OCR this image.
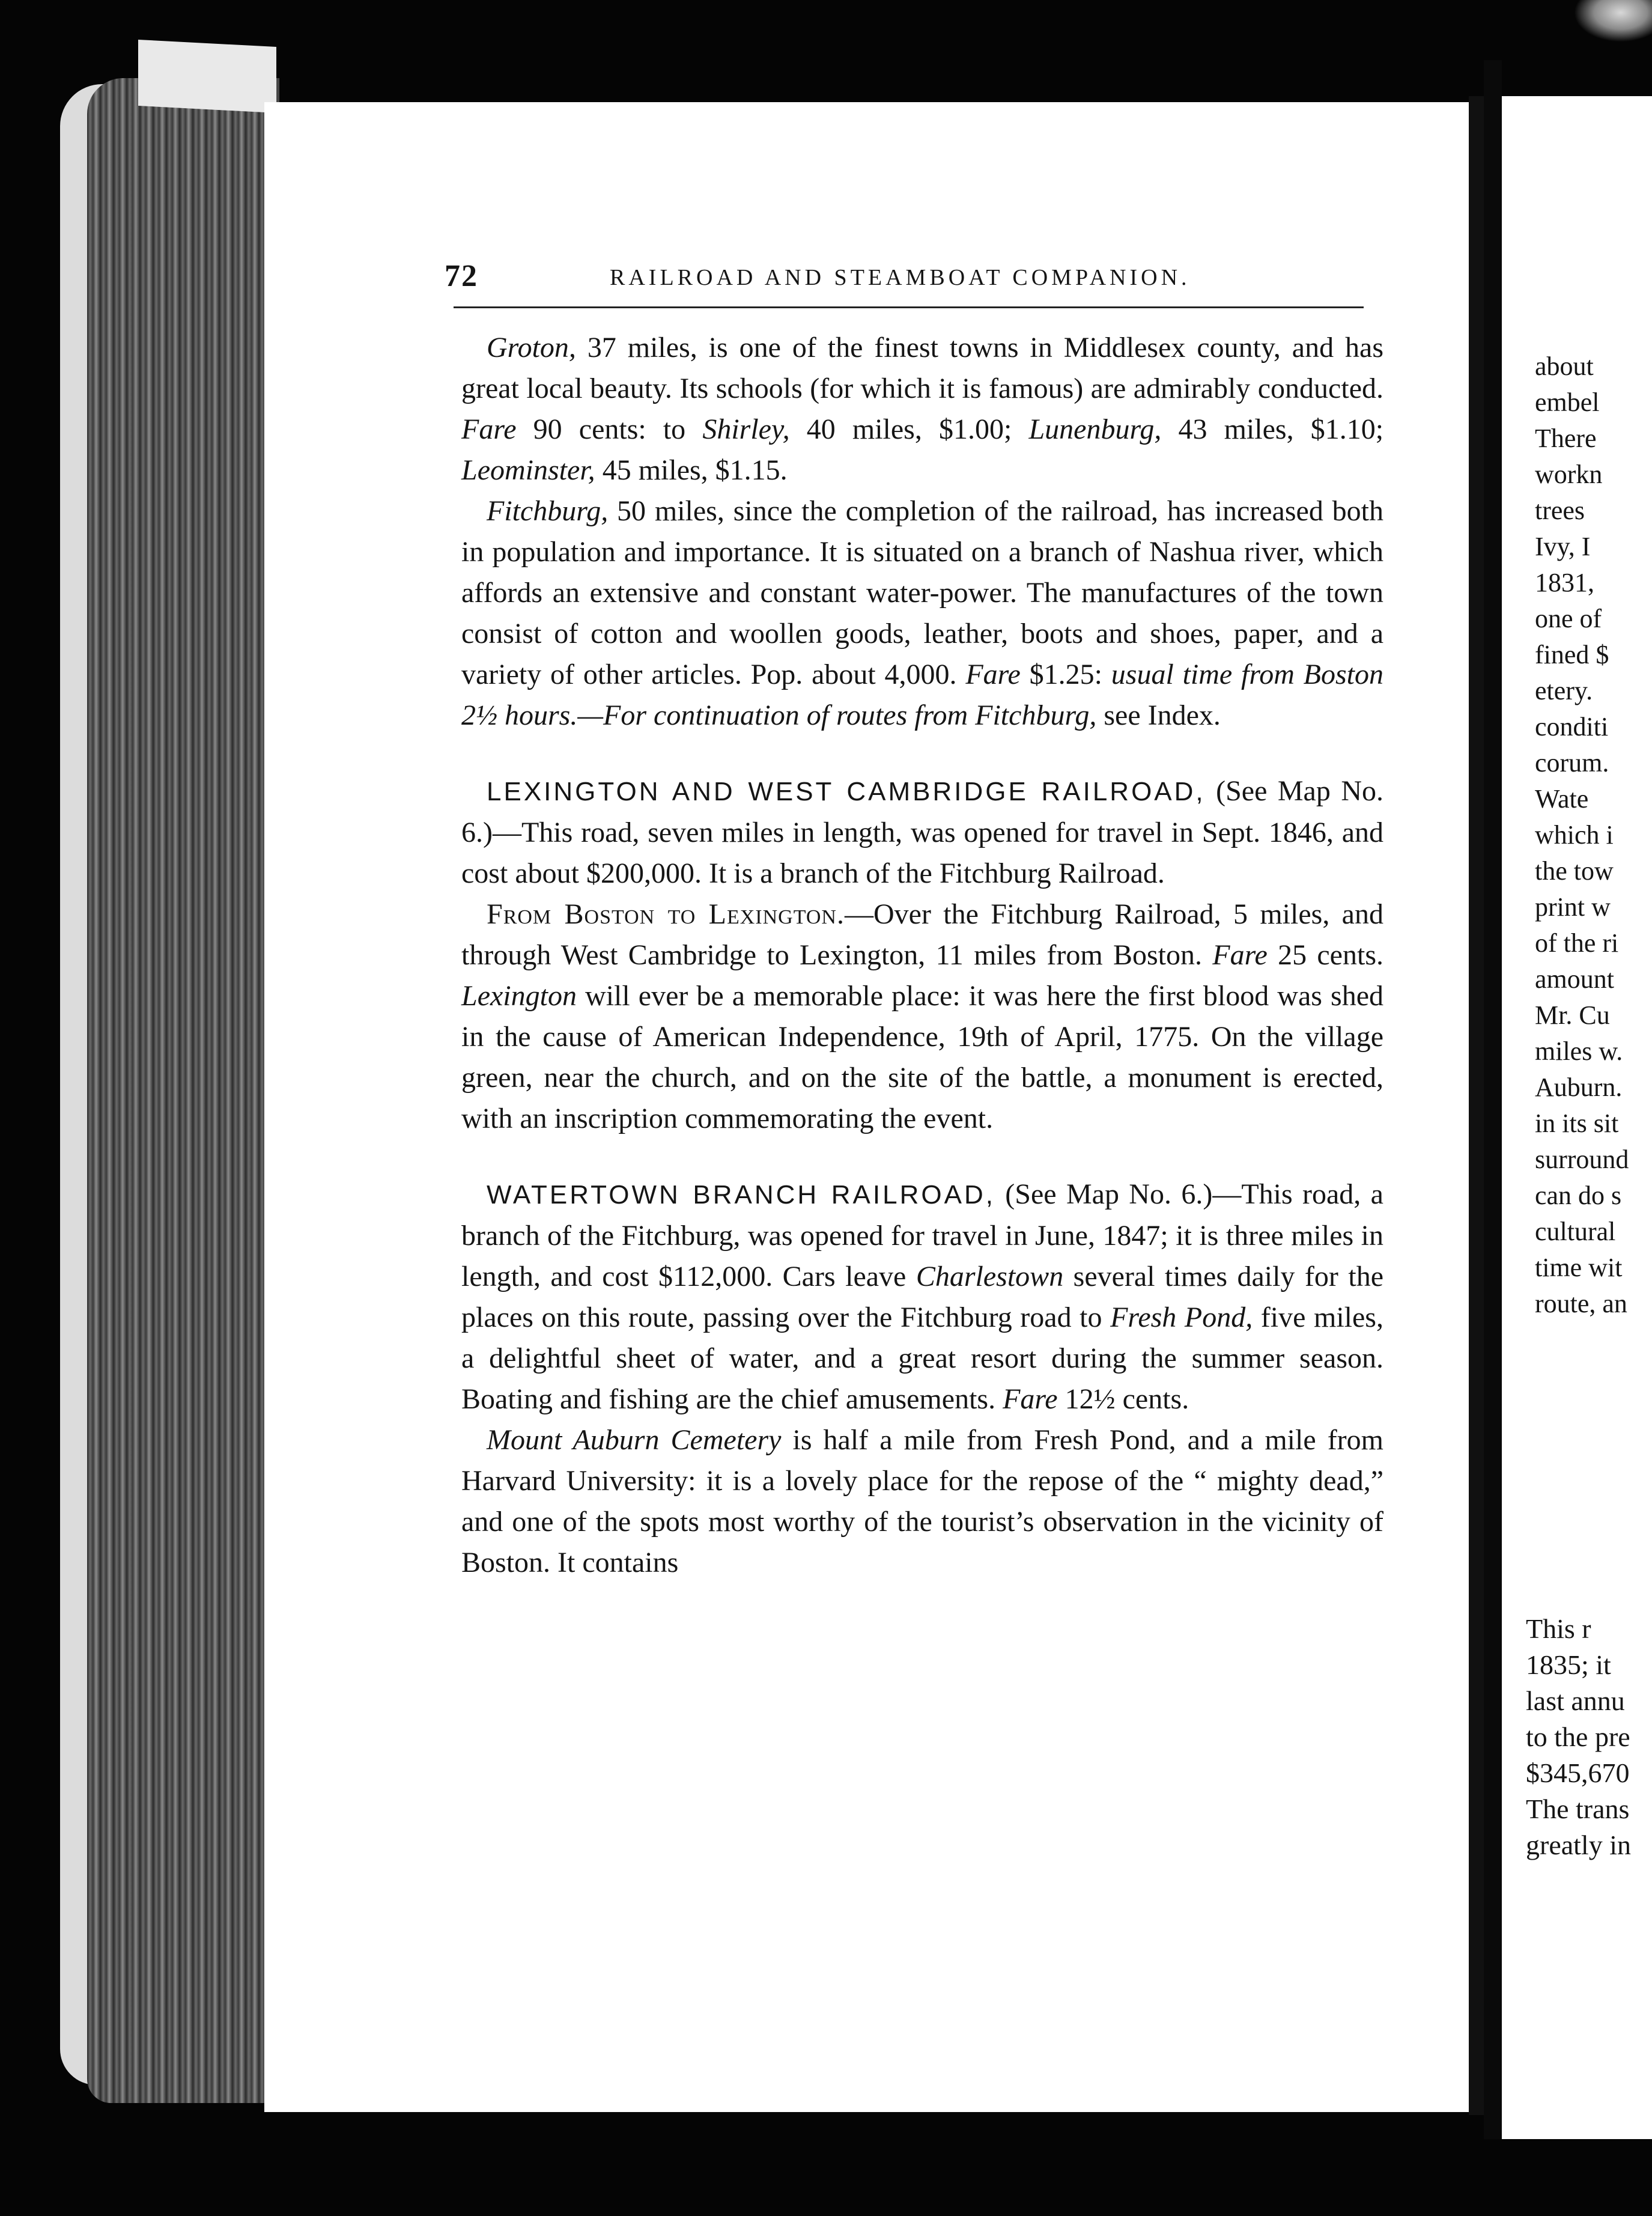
72	RAILROAD AND STEAMBOAT COMPANION.

Groton, 37 miles, is one of the finest towns in Middlesex county, and has great local beauty. Its schools (for which it is famous) are admirably conducted. Fare 90 cents: to Shirley, 40 miles, $1.00; Lunenburg, 43 miles, $1.10; Leominster, 45 miles, $1.15.

Fitchburg, 50 miles, since the completion of the railroad, has increased both in population and importance. It is situated on a branch of Nashua river, which affords an extensive and constant water-power. The manufactures of the town consist of cotton and woollen goods, leather, boots and shoes, paper, and a variety of other articles. Pop. about 4,000. Fare $1.25: usual time from Boston 2½ hours.—For continuation of routes from Fitchburg, see Index.

LEXINGTON AND WEST CAMBRIDGE RAILROAD, (See Map No. 6.)—This road, seven miles in length, was opened for travel in Sept. 1846, and cost about $200,000. It is a branch of the Fitchburg Railroad.

From Boston to Lexington.—Over the Fitchburg Railroad, 5 miles, and through West Cambridge to Lexington, 11 miles from Boston. Fare 25 cents. Lexington will ever be a memorable place: it was here the first blood was shed in the cause of American Independence, 19th of April, 1775. On the village green, near the church, and on the site of the battle, a monument is erected, with an inscription commemorating the event.

WATERTOWN BRANCH RAILROAD, (See Map No. 6.)—This road, a branch of the Fitchburg, was opened for travel in June, 1847; it is three miles in length, and cost $112,000. Cars leave Charlestown several times daily for the places on this route, passing over the Fitchburg road to Fresh Pond, five miles, a delightful sheet of water, and a great resort during the summer season. Boating and fishing are the chief amusements. Fare 12½ cents.

Mount Auburn Cemetery is half a mile from Fresh Pond, and a mile from Harvard University: it is a lovely place for the repose of the “ mighty dead,” and one of the spots most worthy of the tourist’s observation in the vicinity of Boston. It contains

about
embel
There
workn
trees
Ivy, I
1831,
one of
fined $
etery.
conditi
corum.
Wate
which i
the tow
print w
of the ri
amount
Mr. Cu
miles w.
Auburn.
in its sit
surround
can do s
cultural
time wit
route, an
This r
1835; it
last annu
to the pre
$345,670
The trans
greatly in
